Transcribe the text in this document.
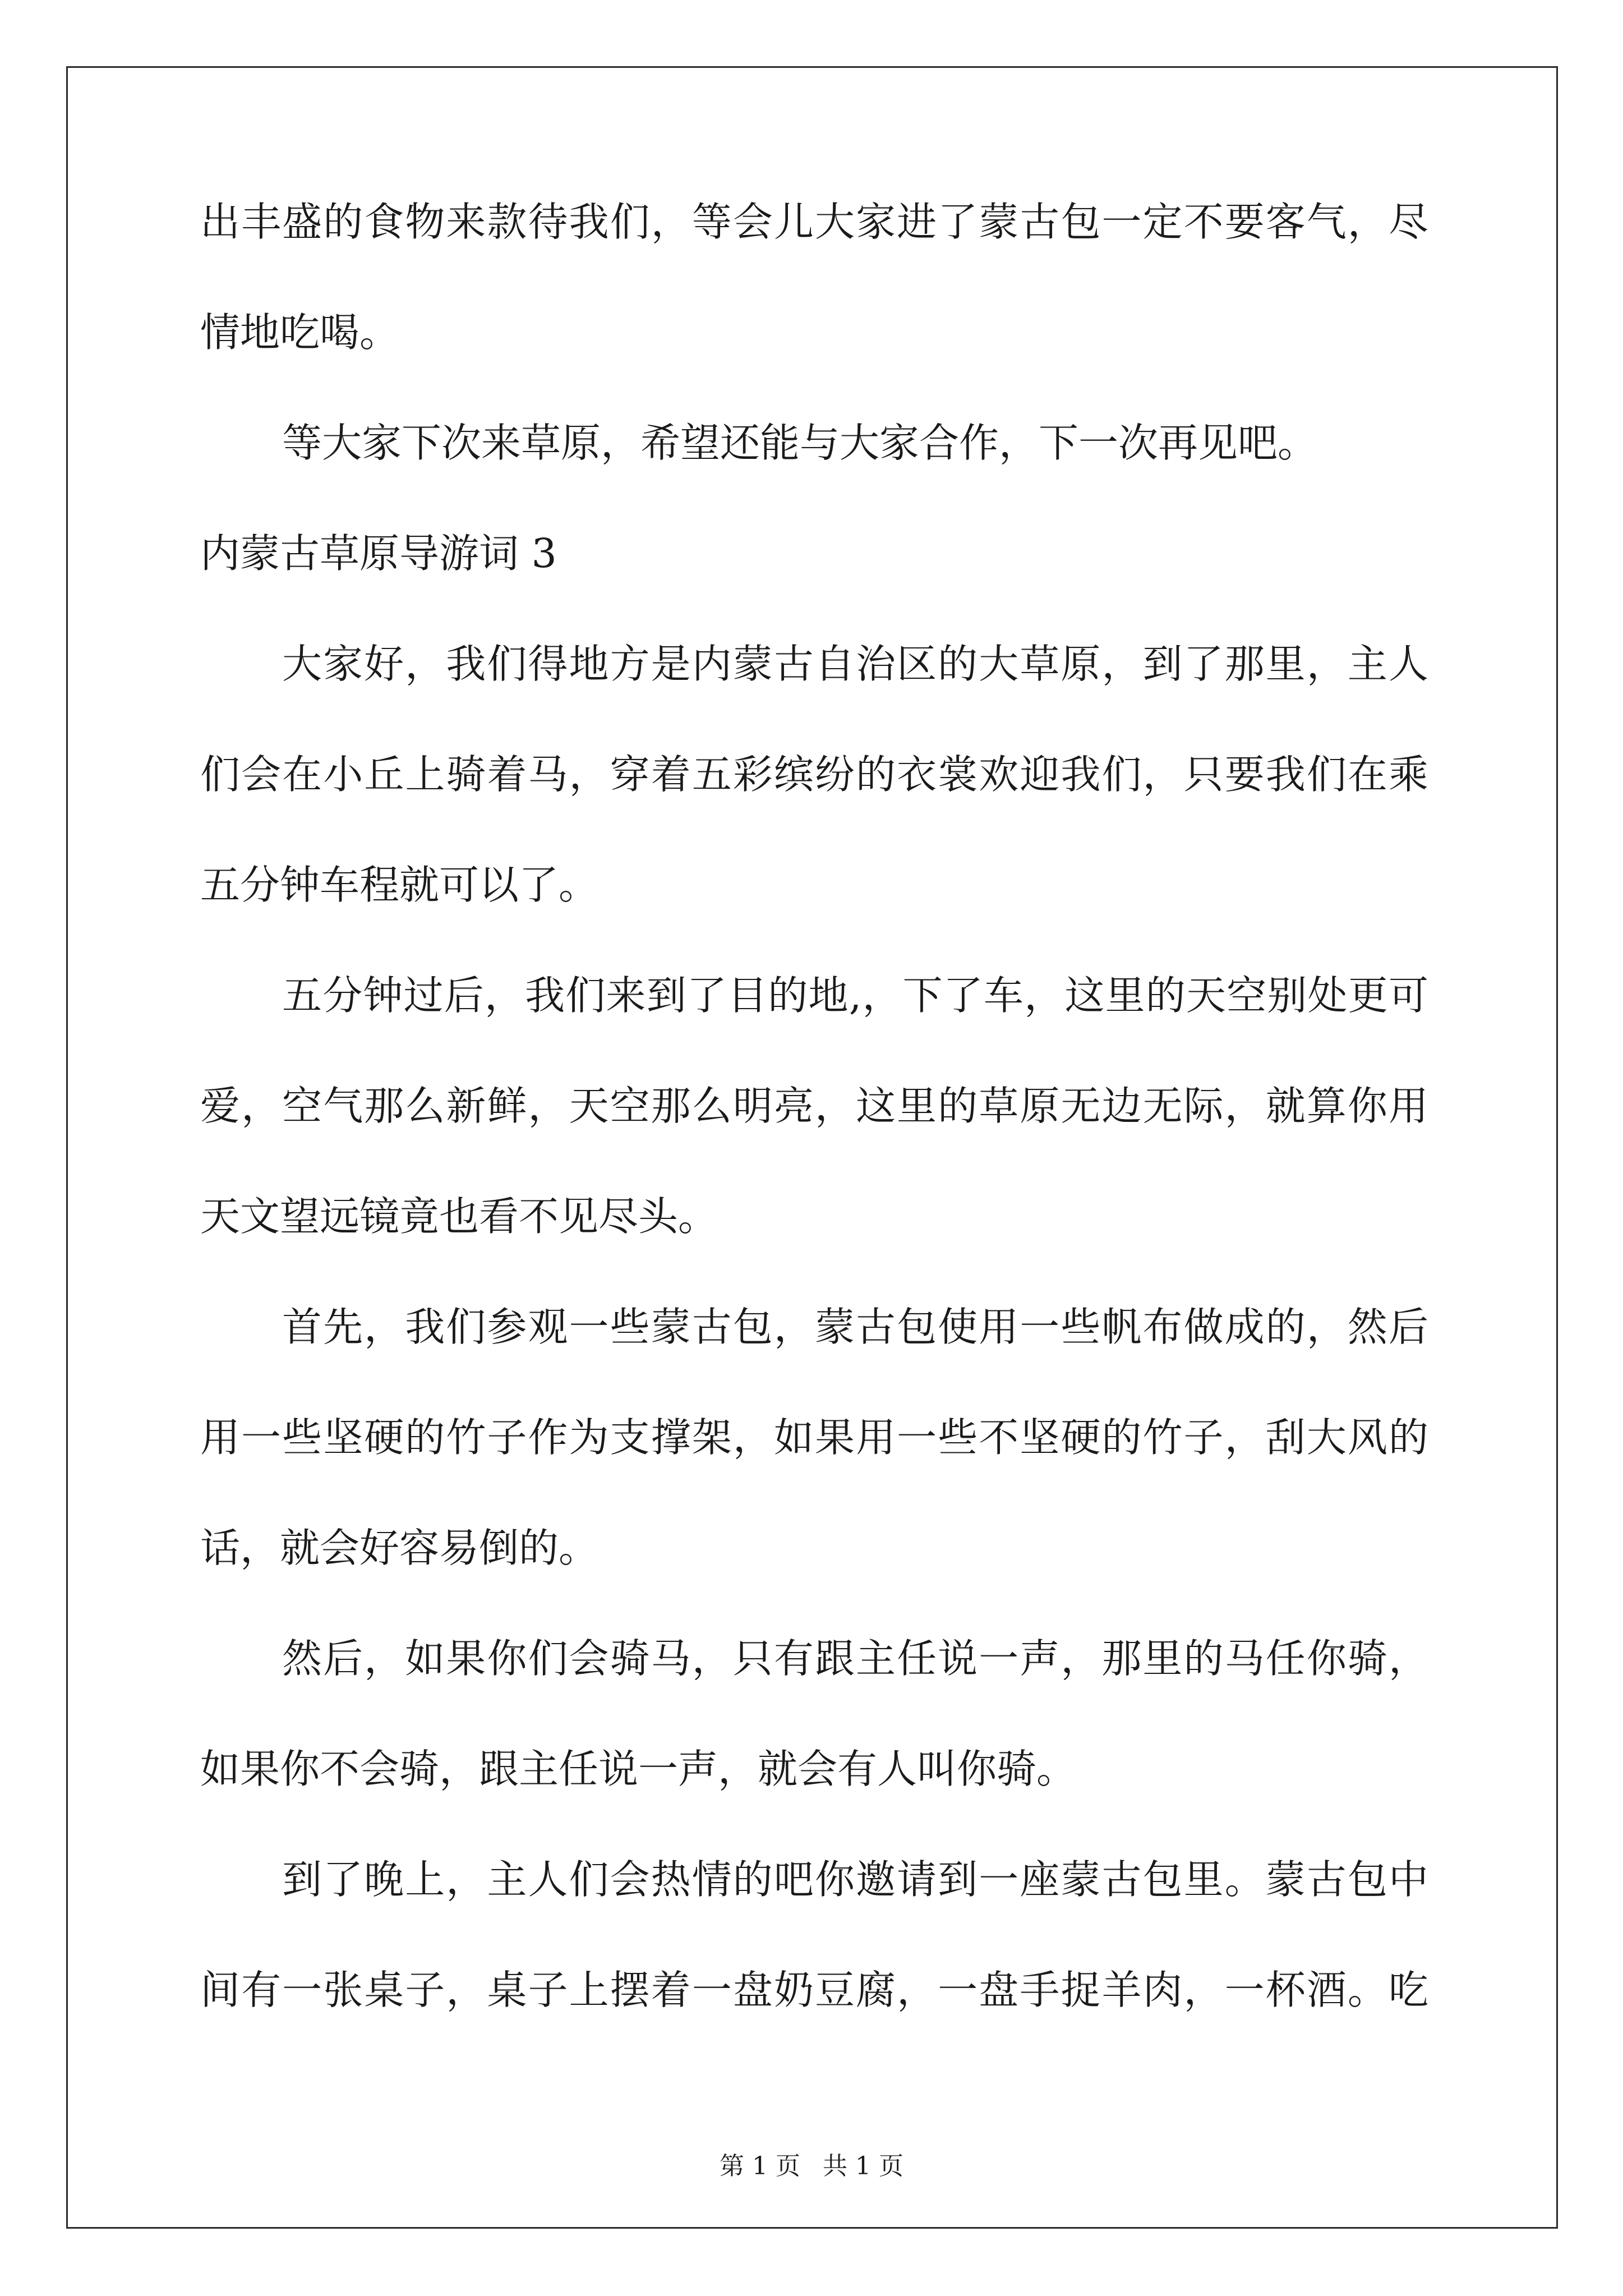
出丰盛的食物来款待我们，等会儿大家进了蒙古包一定不要客气，尽
情地吃喝。
等大家下次来草原，希望还能与大家合作，下一次再见吧。
内蒙古草原导游词 3
大家好，我们得地方是内蒙古自治区的大草原，到了那里，主人
们会在小丘上骑着马，穿着五彩缤纷的衣裳欢迎我们，只要我们在乘
五分钟车程就可以了。
五分钟过后，我们来到了目的地,，下了车，这里的天空别处更可
爱，空气那么新鲜，天空那么明亮，这里的草原无边无际，就算你用
天文望远镜竟也看不见尽头。
首先，我们参观一些蒙古包，蒙古包使用一些帆布做成的，然后
用一些坚硬的竹子作为支撑架，如果用一些不坚硬的竹子，刮大风的
话，就会好容易倒的。
然后，如果你们会骑马，只有跟主任说一声，那里的马任你骑，
如果你不会骑，跟主任说一声，就会有人叫你骑。
到了晚上，主人们会热情的吧你邀请到一座蒙古包里。蒙古包中
间有一张桌子，桌子上摆着一盘奶豆腐，一盘手捉羊肉，一杯酒。吃
第 1 页 共 1 页
